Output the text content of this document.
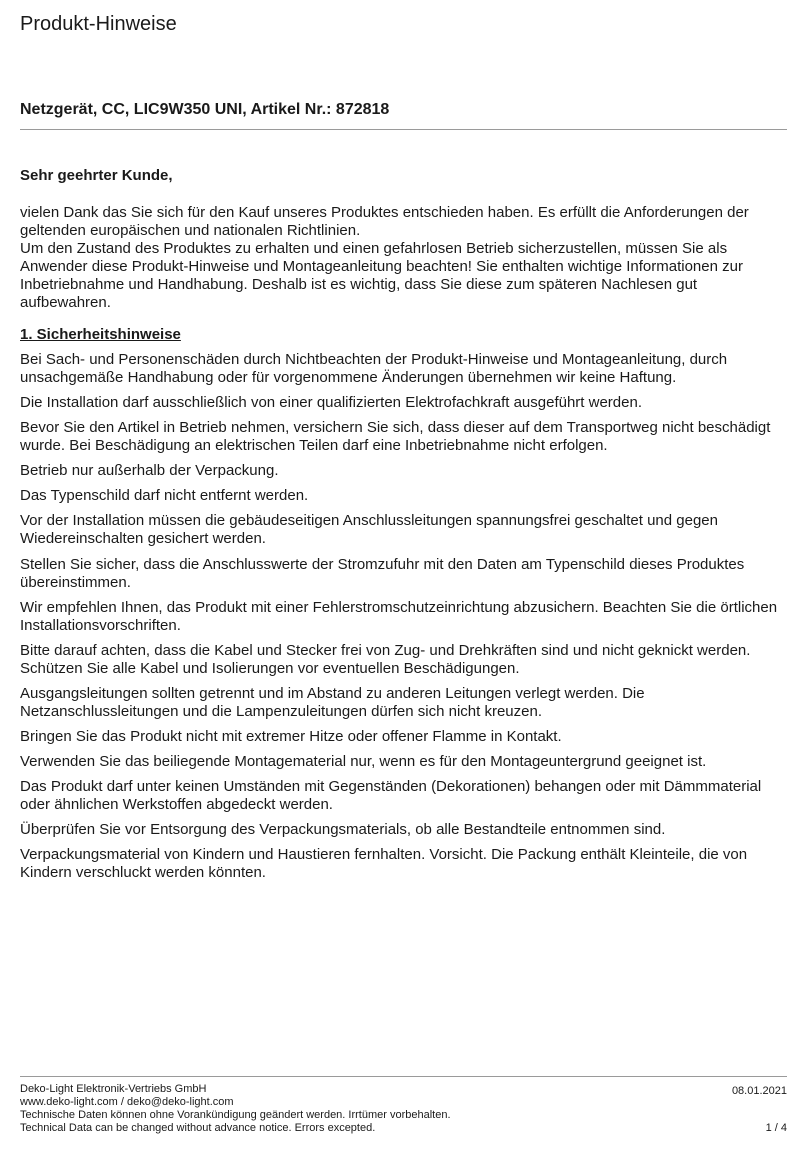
Produkt-Hinweise
Netzgerät, CC, LIC9W350 UNI, Artikel Nr.: 872818

Sehr geehrter Kunde,

vielen Dank das Sie sich für den Kauf unseres Produktes entschieden haben. Es erfüllt die Anforderungen der geltenden europäischen und nationalen Richtlinien.

Um den Zustand des Produktes zu erhalten und einen gefahrlosen Betrieb sicherzustellen, müssen Sie als Anwender diese Produkt-Hinweise und Montageanleitung beachten! Sie enthalten wichtige Informationen zur Inbetriebnahme und Handhabung. Deshalb ist es wichtig, dass Sie diese zum späteren Nachlesen gut aufbewahren.

1. Sicherheitshinweise
Bei Sach- und Personenschäden durch Nichtbeachten der Produkt-Hinweise und Montageanleitung, durch unsachgemäße Handhabung oder für vorgenommene Änderungen übernehmen wir keine Haftung.
Die Installation darf ausschließlich von einer qualifizierten Elektrofachkraft ausgeführt werden.
Bevor Sie den Artikel in Betrieb nehmen, versichern Sie sich, dass dieser auf dem Transportweg nicht beschädigt wurde. Bei Beschädigung an elektrischen Teilen darf eine Inbetriebnahme nicht erfolgen.
Betrieb nur außerhalb der Verpackung.
Das Typenschild darf nicht entfernt werden.
Vor der Installation müssen die gebäudeseitigen Anschlussleitungen spannungsfrei geschaltet und gegen Wiedereinschalten gesichert werden.
Stellen Sie sicher, dass die Anschlusswerte der Stromzufuhr mit den Daten am Typenschild dieses Produktes übereinstimmen.
Wir empfehlen Ihnen, das Produkt mit einer Fehlerstromschutzeinrichtung abzusichern. Beachten Sie die örtlichen Installationsvorschriften.
Bitte darauf achten, dass die Kabel und Stecker frei von Zug- und Drehkräften sind und nicht geknickt werden. Schützen Sie alle Kabel und Isolierungen vor eventuellen Beschädigungen.
Ausgangsleitungen sollten getrennt und im Abstand zu anderen Leitungen verlegt werden. Die Netzanschlussleitungen und die Lampenzuleitungen dürfen sich nicht kreuzen.
Bringen Sie das Produkt nicht mit extremer Hitze oder offener Flamme in Kontakt.
Verwenden Sie das beiliegende Montagematerial nur, wenn es für den Montageuntergrund geeignet ist.
Das Produkt darf unter keinen Umständen mit Gegenständen (Dekorationen) behangen oder mit Dämmmaterial oder ähnlichen Werkstoffen abgedeckt werden.
Überprüfen Sie vor Entsorgung des Verpackungsmaterials, ob alle Bestandteile entnommen sind.
Verpackungsmaterial von Kindern und Haustieren fernhalten. Vorsicht. Die Packung enthält Kleinteile, die von Kindern verschluckt werden könnten.
Deko-Light Elektronik-Vertriebs GmbH
www.deko-light.com / deko@deko-light.com
Technische Daten können ohne Vorankündigung geändert werden. Irrtümer vorbehalten.
Technical Data can be changed without advance notice. Errors excepted.
08.01.2021
1 / 4
